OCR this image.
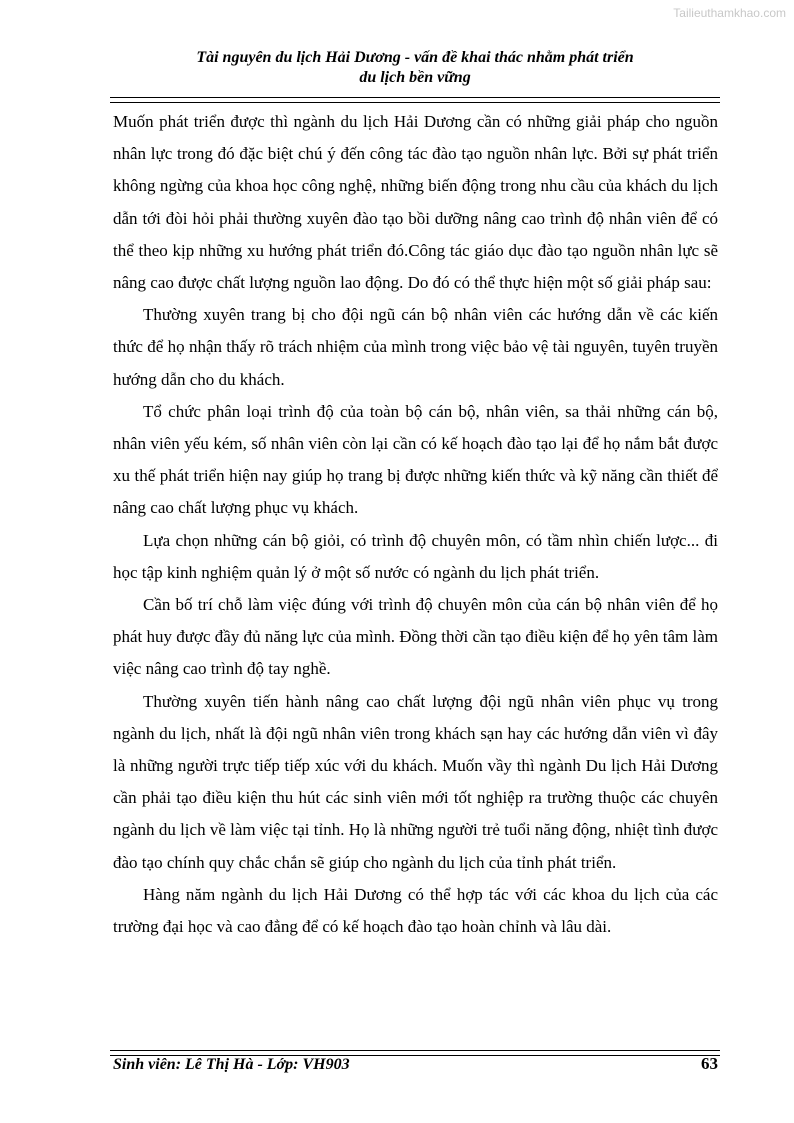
Tailieuthamkhao.com
Tài nguyên du lịch Hải Dương - vấn đề khai thác nhằm phát triển
du lịch bền vững

Muốn phát triển được thì ngành du lịch Hải Dương cần có những giải pháp cho nguồn nhân lực trong đó đặc biệt chú ý đến công tác đào tạo nguồn nhân lực. Bởi sự phát triển không ngừng của khoa học công nghệ, những biến động trong nhu cầu của khách du lịch dẫn tới đòi hỏi phải thường xuyên đào tạo bồi dưỡng nâng cao trình độ nhân viên để có thể theo kịp những xu hướng phát triển đó.Công tác giáo dục đào tạo nguồn nhân lực sẽ nâng cao được chất lượng nguồn lao động. Do đó có thể thực hiện một số giải pháp sau:

Thường xuyên trang bị cho đội ngũ cán bộ nhân viên các hướng dẫn về các kiến thức để họ nhận thấy rõ trách nhiệm của mình trong việc bảo vệ tài nguyên, tuyên truyền hướng dẫn cho du khách.

Tổ chức phân loại trình độ của toàn bộ cán bộ, nhân viên, sa thải những cán bộ, nhân viên yếu kém, số nhân viên còn lại cần có kế hoạch đào tạo lại để họ nắm bắt được xu thế phát triển hiện nay giúp họ trang bị được những kiến thức và kỹ năng cần thiết để nâng cao chất lượng phục vụ khách.

Lựa chọn những cán bộ giỏi, có trình độ chuyên môn, có tầm nhìn chiến lược... đi học tập kinh nghiệm quản lý ở một số nước có ngành du lịch phát triển.

Cần bố trí chỗ làm việc đúng với trình độ chuyên môn của cán bộ nhân viên để họ phát huy được đầy đủ năng lực của mình. Đồng thời cần tạo điều kiện để họ yên tâm làm việc nâng cao trình độ tay nghề.

Thường xuyên tiến hành nâng cao chất lượng đội ngũ nhân viên phục vụ trong ngành du lịch, nhất là đội ngũ nhân viên trong khách sạn hay các hướng dẫn viên vì đây là những người trực tiếp tiếp xúc với du khách. Muốn vầy thì ngành Du lịch Hải Dương cần phải tạo điều kiện thu hút các sinh viên mới tốt nghiệp ra trường thuộc các chuyên ngành du lịch về làm việc tại tỉnh. Họ là những người trẻ tuổi năng động, nhiệt tình được đào tạo chính quy chắc chắn sẽ giúp cho ngành du lịch của tỉnh phát triển.

Hàng năm ngành du lịch Hải Dương có thể hợp tác với các khoa du lịch của các trường đại học và cao đẳng để có kế hoạch đào tạo hoàn chỉnh và lâu dài.

Sinh viên: Lê Thị Hà - Lớp: VH903	63
